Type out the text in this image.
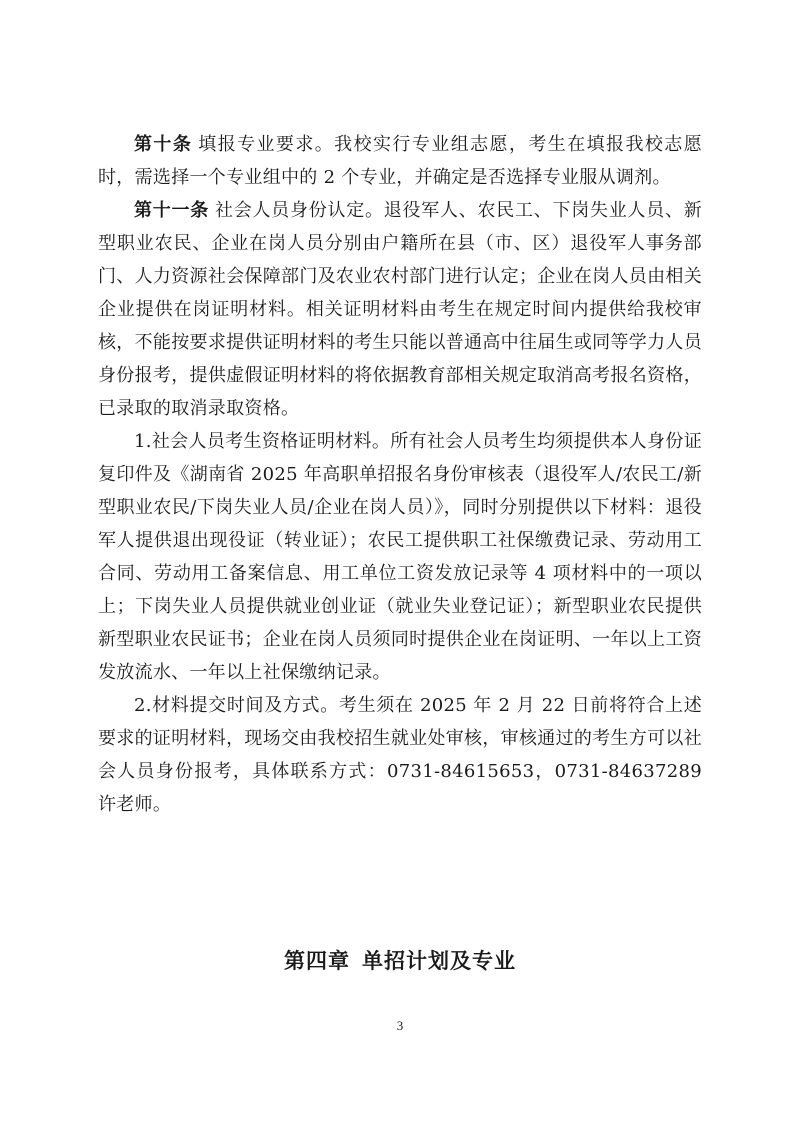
第十条 填报专业要求。我校实行专业组志愿，考生在填报我校志愿时，需选择一个专业组中的 2 个专业，并确定是否选择专业服从调剂。

第十一条 社会人员身份认定。退役军人、农民工、下岗失业人员、新型职业农民、企业在岗人员分别由户籍所在县（市、区）退役军人事务部门、人力资源社会保障部门及农业农村部门进行认定；企业在岗人员由相关企业提供在岗证明材料。相关证明材料由考生在规定时间内提供给我校审核，不能按要求提供证明材料的考生只能以普通高中往届生或同等学力人员身份报考，提供虚假证明材料的将依据教育部相关规定取消高考报名资格，已录取的取消录取资格。

1.社会人员考生资格证明材料。所有社会人员考生均须提供本人身份证复印件及《湖南省 2025 年高职单招报名身份审核表（退役军人/农民工/新型职业农民/下岗失业人员/企业在岗人员）》，同时分别提供以下材料：退役军人提供退出现役证（转业证）；农民工提供职工社保缴费记录、劳动用工合同、劳动用工备案信息、用工单位工资发放记录等 4 项材料中的一项以上；下岗失业人员提供就业创业证（就业失业登记证）；新型职业农民提供新型职业农民证书；企业在岗人员须同时提供企业在岗证明、一年以上工资发放流水、一年以上社保缴纳记录。

2.材料提交时间及方式。考生须在 2025 年 2 月 22 日前将符合上述要求的证明材料，现场交由我校招生就业处审核，审核通过的考生方可以社会人员身份报考，具体联系方式：0731-84615653，0731-84637289 许老师。

第四章 单招计划及专业
3
